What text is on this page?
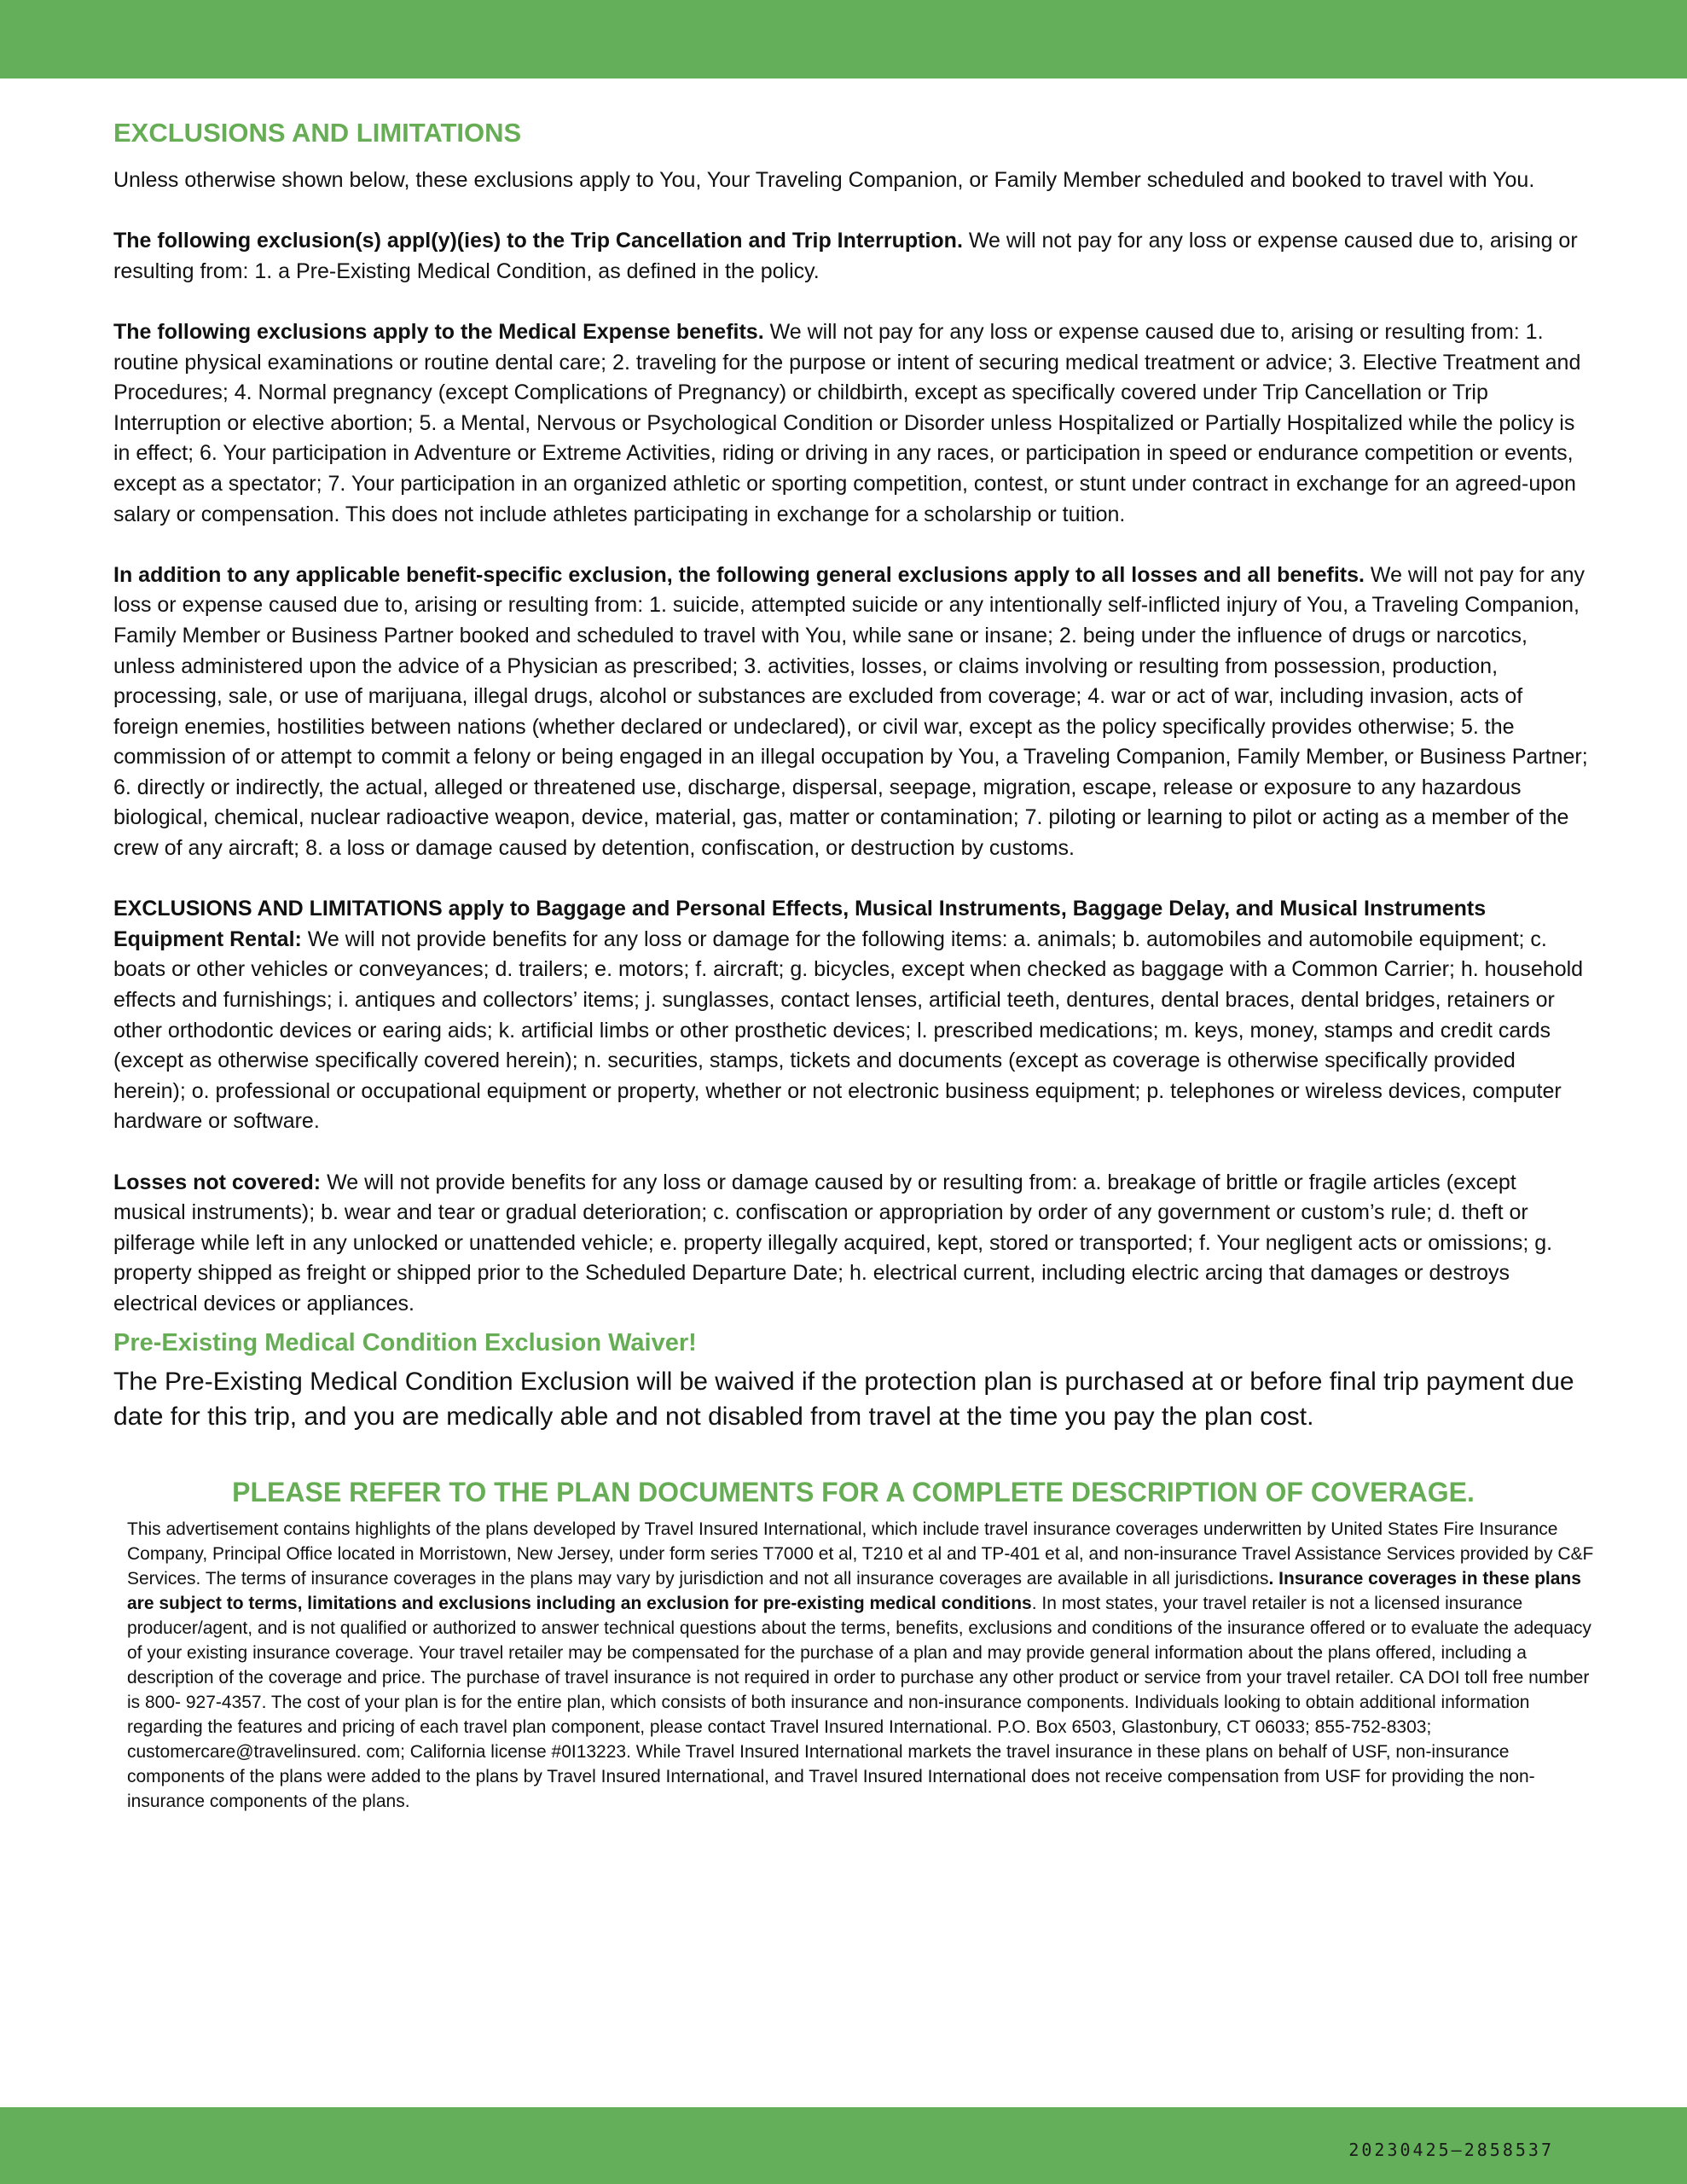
EXCLUSIONS AND LIMITATIONS

Unless otherwise shown below, these exclusions apply to You, Your Traveling Companion, or Family Member scheduled and booked to travel with You.

The following exclusion(s) appl(y)(ies) to the Trip Cancellation and Trip Interruption. We will not pay for any loss or expense caused due to, arising or resulting from: 1. a Pre-Existing Medical Condition, as defined in the policy.

The following exclusions apply to the Medical Expense benefits. We will not pay for any loss or expense caused due to, arising or resulting from: 1. routine physical examinations or routine dental care; 2. traveling for the purpose or intent of securing medical treatment or advice; 3. Elective Treatment and Procedures; 4. Normal pregnancy (except Complications of Pregnancy) or childbirth, except as specifically covered under Trip Cancellation or Trip Interruption or elective abortion; 5. a Mental, Nervous or Psychological Condition or Disorder unless Hospitalized or Partially Hospitalized while the policy is in effect; 6. Your participation in Adventure or Extreme Activities, riding or driving in any races, or participation in speed or endurance competition or events, except as a spectator; 7. Your participation in an organized athletic or sporting competition, contest, or stunt under contract in exchange for an agreed-upon salary or compensation. This does not include athletes participating in exchange for a scholarship or tuition.

In addition to any applicable benefit-specific exclusion, the following general exclusions apply to all losses and all benefits. We will not pay for any loss or expense caused due to, arising or resulting from: 1. suicide, attempted suicide or any intentionally self-inflicted injury of You, a Traveling Companion, Family Member or Business Partner booked and scheduled to travel with You, while sane or insane; 2. being under the influence of drugs or narcotics, unless administered upon the advice of a Physician as prescribed; 3. activities, losses, or claims involving or resulting from possession, production, processing, sale, or use of marijuana, illegal drugs, alcohol or substances are excluded from coverage; 4. war or act of war, including invasion, acts of foreign enemies, hostilities between nations (whether declared or undeclared), or civil war, except as the policy specifically provides otherwise; 5. the commission of or attempt to commit a felony or being engaged in an illegal occupation by You, a Traveling Companion, Family Member, or Business Partner; 6. directly or indirectly, the actual, alleged or threatened use, discharge, dispersal, seepage, migration, escape, release or exposure to any hazardous biological, chemical, nuclear radioactive weapon, device, material, gas, matter or contamination; 7. piloting or learning to pilot or acting as a member of the crew of any aircraft; 8. a loss or damage caused by detention, confiscation, or destruction by customs.

EXCLUSIONS AND LIMITATIONS apply to Baggage and Personal Effects, Musical Instruments, Baggage Delay, and Musical Instruments Equipment Rental: We will not provide benefits for any loss or damage for the following items: a. animals; b. automobiles and automobile equipment; c. boats or other vehicles or conveyances; d. trailers; e. motors; f. aircraft; g. bicycles, except when checked as baggage with a Common Carrier; h. household effects and furnishings; i. antiques and collectors’ items; j. sunglasses, contact lenses, artificial teeth, dentures, dental braces, dental bridges, retainers or other orthodontic devices or earing aids; k. artificial limbs or other prosthetic devices; l. prescribed medications; m. keys, money, stamps and credit cards (except as otherwise specifically covered herein); n. securities, stamps, tickets and documents (except as coverage is otherwise specifically provided herein); o. professional or occupational equipment or property, whether or not electronic business equipment; p. telephones or wireless devices, computer hardware or software.

Losses not covered: We will not provide benefits for any loss or damage caused by or resulting from: a. breakage of brittle or fragile articles (except musical instruments); b. wear and tear or gradual deterioration; c. confiscation or appropriation by order of any government or custom’s rule; d. theft or pilferage while left in any unlocked or unattended vehicle; e. property illegally acquired, kept, stored or transported; f. Your negligent acts or omissions; g. property shipped as freight or shipped prior to the Scheduled Departure Date; h. electrical current, including electric arcing that damages or destroys electrical devices or appliances.

Pre-Existing Medical Condition Exclusion Waiver!

The Pre-Existing Medical Condition Exclusion will be waived if the protection plan is purchased at or before final trip payment due date for this trip, and you are medically able and not disabled from travel at the time you pay the plan cost.

PLEASE REFER TO THE PLAN DOCUMENTS FOR A COMPLETE DESCRIPTION OF COVERAGE.

This advertisement contains highlights of the plans developed by Travel Insured International, which include travel insurance coverages underwritten by United States Fire Insurance Company, Principal Office located in Morristown, New Jersey, under form series T7000 et al, T210 et al and TP-401 et al, and non-insurance Travel Assistance Services provided by C&F Services. The terms of insurance coverages in the plans may vary by jurisdiction and not all insurance coverages are available in all jurisdictions. Insurance coverages in these plans are subject to terms, limitations and exclusions including an exclusion for pre-existing medical conditions. In most states, your travel retailer is not a licensed insurance producer/agent, and is not qualified or authorized to answer technical questions about the terms, benefits, exclusions and conditions of the insurance offered or to evaluate the adequacy of your existing insurance coverage. Your travel retailer may be compensated for the purchase of a plan and may provide general information about the plans offered, including a description of the coverage and price. The purchase of travel insurance is not required in order to purchase any other product or service from your travel retailer. CA DOI toll free number is 800- 927-4357. The cost of your plan is for the entire plan, which consists of both insurance and non-insurance components. Individuals looking to obtain additional information regarding the features and pricing of each travel plan component, please contact Travel Insured International. P.O. Box 6503, Glastonbury, CT 06033; 855-752-8303; customercare@travelinsured. com; California license #0I13223. While Travel Insured International markets the travel insurance in these plans on behalf of USF, non-insurance components of the plans were added to the plans by Travel Insured International, and Travel Insured International does not receive compensation from USF for providing the non-insurance components of the plans.

20230425–2858537
